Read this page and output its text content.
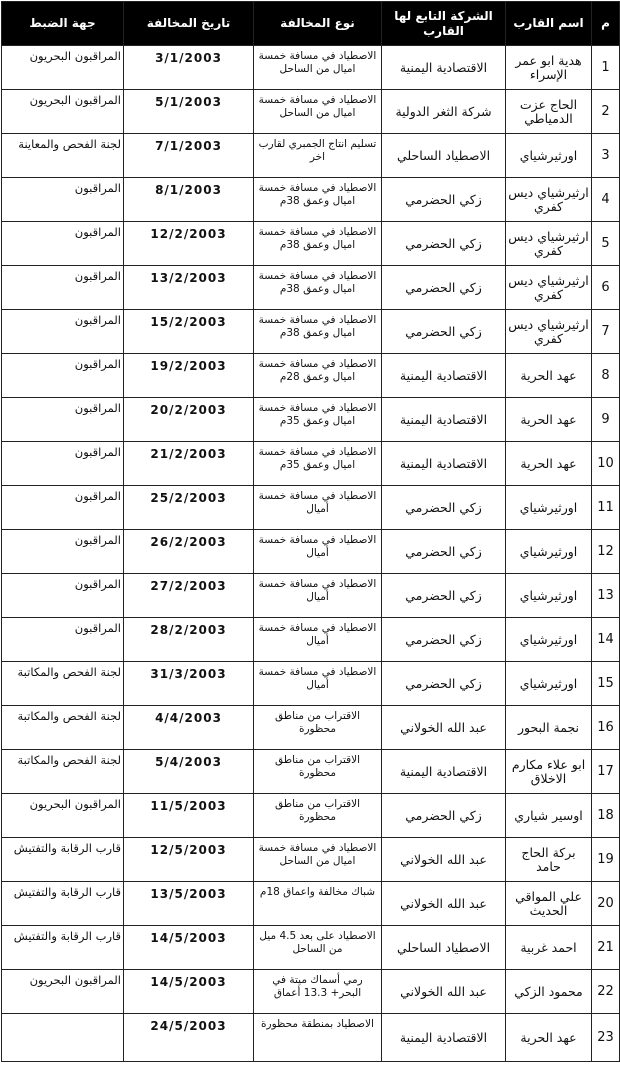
م	اسم القارب	الشركة التابع لها القارب	نوع المخالفة	تاريخ المخالفة	جهة الضبط
1	هدية ابو عمر الإسراء	الاقتصادية اليمنية	الاصطياد في مسافة خمسة اميال من الساحل	3/1/2003	المراقبون البحريون
2	الحاج عزت الدمياطي	شركة الثغر الدولية	الاصطياد في مسافة خمسة اميال من الساحل	5/1/2003	المراقبون البحريون
3	اورثيرشياي	الاصطياد الساحلي	تسليم انتاج الجمبري لقارب اخر	7/1/2003	لجنة الفحص والمعاينة
4	ارثيرشياي ديس كفري	زكي الحضرمي	الاصطياد في مسافة خمسة اميال وعمق 38م	8/1/2003	المراقبون
5	ارثيرشياي ديس كفري	زكي الحضرمي	الاصطياد في مسافة خمسة اميال وعمق 38م	12/2/2003	المراقبون
6	ارثيرشياي ديس كفري	زكي الحضرمي	الاصطياد في مسافة خمسة اميال وعمق 38م	13/2/2003	المراقبون
7	ارثيرشياي ديس كفري	زكي الحضرمي	الاصطياد في مسافة خمسة اميال وعمق 38م	15/2/2003	المراقبون
8	عهد الحرية	الاقتصادية اليمنية	الاصطياد في مسافة خمسة اميال وعمق 28م	19/2/2003	المراقبون
9	عهد الحرية	الاقتصادية اليمنية	الاصطياد في مسافة خمسة اميال وعمق 35م	20/2/2003	المراقبون
10	عهد الحرية	الاقتصادية اليمنية	الاصطياد في مسافة خمسة اميال وعمق 35م	21/2/2003	المراقبون
11	اورثيرشياي	زكي الحضرمي	الاصطياد في مسافة خمسة أميال	25/2/2003	المراقبون
12	اورثيرشياي	زكي الحضرمي	الاصطياد في مسافة خمسة أميال	26/2/2003	المراقبون
13	اورثيرشياي	زكي الحضرمي	الاصطياد في مسافة خمسة أميال	27/2/2003	المراقبون
14	اورثيرشياي	زكي الحضرمي	الاصطياد في مسافة خمسة أميال	28/2/2003	المراقبون
15	اورثيرشياي	زكي الحضرمي	الاصطياد في مسافة خمسة أميال	31/3/2003	لجنة الفحص والمكاتبة
16	نجمة البحور	عبد الله الخولاني	الاقتراب من مناطق محظورة	4/4/2003	لجنة الفحص والمكاتبة
17	ابو علاء مكارم الاخلاق	الاقتصادية اليمنية	الاقتراب من مناطق محظورة	5/4/2003	لجنة الفحص والمكاتبة
18	اوسير شياري	زكي الحضرمي	الاقتراب من مناطق محظورة	11/5/2003	المراقبون البحريون
19	بركة الحاج حامد	عبد الله الخولاني	الاصطياد في مسافة خمسة اميال من الساحل	12/5/2003	قارب الرقابة والتفتيش
20	علي المواقي الحديث	عبد الله الخولاني	شباك مخالفة واعماق 18م	13/5/2003	قارب الرقابة والتفتيش
21	احمد غربية	الاصطياد الساحلي	الاصطياد على بعد 4.5 ميل من الساحل	14/5/2003	قارب الرقابة والتفتيش
22	محمود الزكي	عبد الله الخولاني	رمي أسماك ميتة في البحر+ 13.3 أعماق	14/5/2003	المراقبون البحريون
23	عهد الحرية	الاقتصادية اليمنية	الاصطياد بمنطقة محظورة	24/5/2003	
